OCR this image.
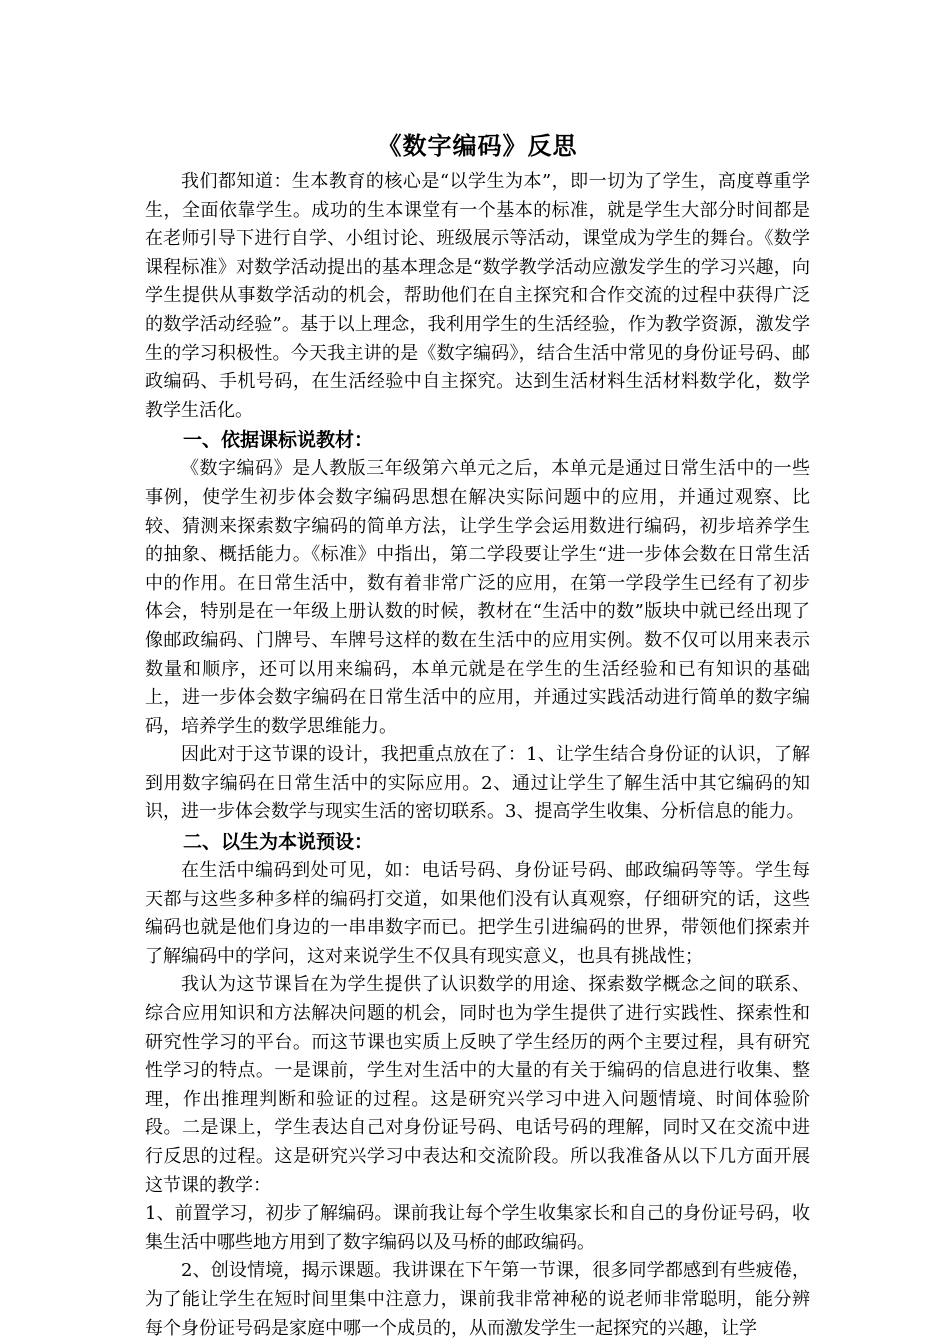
《数字编码》反思

我们都知道：生本教育的核心是“以学生为本”，即一切为了学生，高度尊重学生，全面依靠学生。成功的生本课堂有一个基本的标准，就是学生大部分时间都是在老师引导下进行自学、小组讨论、班级展示等活动，课堂成为学生的舞台。《数学课程标准》对数学活动提出的基本理念是“数学教学活动应激发学生的学习兴趣，向学生提供从事数学活动的机会，帮助他们在自主探究和合作交流的过程中获得广泛的数学活动经验”。基于以上理念，我利用学生的生活经验，作为教学资源，激发学生的学习积极性。今天我主讲的是《数字编码》，结合生活中常见的身份证号码、邮政编码、手机号码，在生活经验中自主探究。达到生活材料生活材料数学化，数学教学生活化。

一、依据课标说教材：

《数字编码》是人教版三年级第六单元之后，本单元是通过日常生活中的一些事例，使学生初步体会数字编码思想在解决实际问题中的应用，并通过观察、比较、猜测来探索数字编码的简单方法，让学生学会运用数进行编码，初步培养学生的抽象、概括能力。《标准》中指出，第二学段要让学生“进一步体会数在日常生活中的作用。在日常生活中，数有着非常广泛的应用，在第一学段学生已经有了初步体会，特别是在一年级上册认数的时候，教材在“生活中的数”版块中就已经出现了像邮政编码、门牌号、车牌号这样的数在生活中的应用实例。数不仅可以用来表示数量和顺序，还可以用来编码，本单元就是在学生的生活经验和已有知识的基础上，进一步体会数字编码在日常生活中的应用，并通过实践活动进行简单的数字编码，培养学生的数学思维能力。

因此对于这节课的设计，我把重点放在了：1、让学生结合身份证的认识，了解到用数字编码在日常生活中的实际应用。2、通过让学生了解生活中其它编码的知识，进一步体会数学与现实生活的密切联系。3、提高学生收集、分析信息的能力。

二、以生为本说预设：

在生活中编码到处可见，如：电话号码、身份证号码、邮政编码等等。学生每天都与这些多种多样的编码打交道，如果他们没有认真观察，仔细研究的话，这些编码也就是他们身边的一串串数字而已。把学生引进编码的世界，带领他们探索并了解编码中的学问，这对来说学生不仅具有现实意义，也具有挑战性；

我认为这节课旨在为学生提供了认识数学的用途、探索数学概念之间的联系、综合应用知识和方法解决问题的机会，同时也为学生提供了进行实践性、探索性和研究性学习的平台。而这节课也实质上反映了学生经历的两个主要过程，具有研究性学习的特点。一是课前，学生对生活中的大量的有关于编码的信息进行收集、整理，作出推理判断和验证的过程。这是研究兴学习中进入问题情境、时间体验阶段。二是课上，学生表达自己对身份证号码、电话号码的理解，同时又在交流中进行反思的过程。这是研究兴学习中表达和交流阶段。所以我准备从以下几方面开展这节课的教学：

1、前置学习，初步了解编码。课前我让每个学生收集家长和自己的身份证号码，收集生活中哪些地方用到了数字编码以及马桥的邮政编码。

2、创设情境，揭示课题。我讲课在下午第一节课，很多同学都感到有些疲倦，为了能让学生在短时间里集中注意力，课前我非常神秘的说老师非常聪明，能分辨每个身份证号码是家庭中哪一个成员的，从而激发学生一起探究的兴趣，让学
